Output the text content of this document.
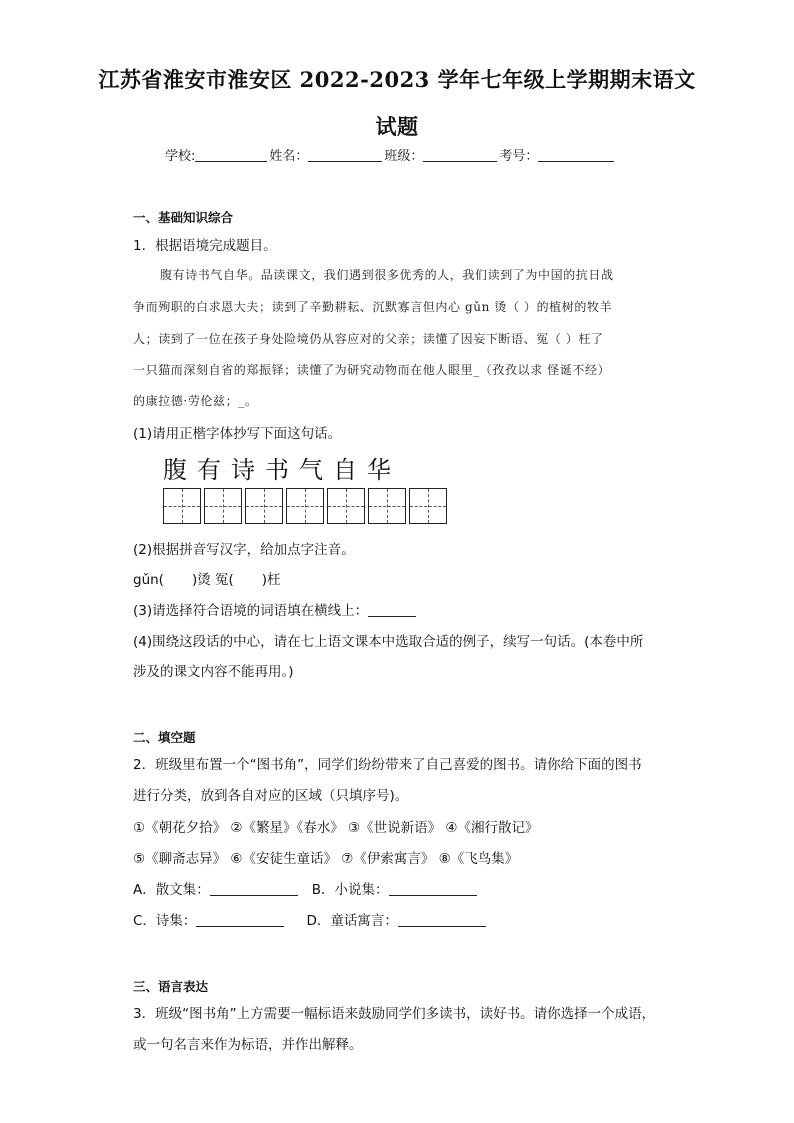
江苏省淮安市淮安区 2022-2023 学年七年级上学期期末语文
试题
学校:	姓名：	班级：	考号：
一、基础知识综合
1．根据语境完成题目。
腹有诗书气自华。品读课文，我们遇到很多优秀的人，我们读到了为中国的抗日战
争而殉职的白求恩大夫；读到了辛勤耕耘、沉默寡言但内心 gǔn 烫（ ）的植树的牧羊
人；读到了一位在孩子身处险境仍从容应对的父亲；读懂了因妄下断语、冤（ ）枉了
一只猫而深刻自省的郑振铎；读懂了为研究动物而在他人眼里_（孜孜以求 怪诞不经）
的康拉德·劳伦兹；_。
(1)请用正楷字体抄写下面这句话。
腹有诗书气自华
(2)根据拼音写汉字，给加点字注音。
gǔn( )烫 冤( )枉
(3)请选择符合语境的词语填在横线上：
(4)围绕这段话的中心，请在七上语文课本中选取合适的例子，续写一句话。(本卷中所
涉及的课文内容不能再用。)
二、填空题
2．班级里布置一个“图书角”，同学们纷纷带来了自己喜爱的图书。请你给下面的图书
进行分类，放到各自对应的区域（只填序号)。
①《朝花夕拾》 ②《繁星》《春水》 ③《世说新语》 ④《湘行散记》
⑤《聊斋志异》 ⑥《安徒生童话》 ⑦《伊索寓言》 ⑧《飞鸟集》
A．散文集：	B．小说集：
C．诗集：	D．童话寓言：
三、语言表达
3．班级“图书角”上方需要一幅标语来鼓励同学们多读书，读好书。请你选择一个成语，
或一句名言来作为标语，并作出解释。
